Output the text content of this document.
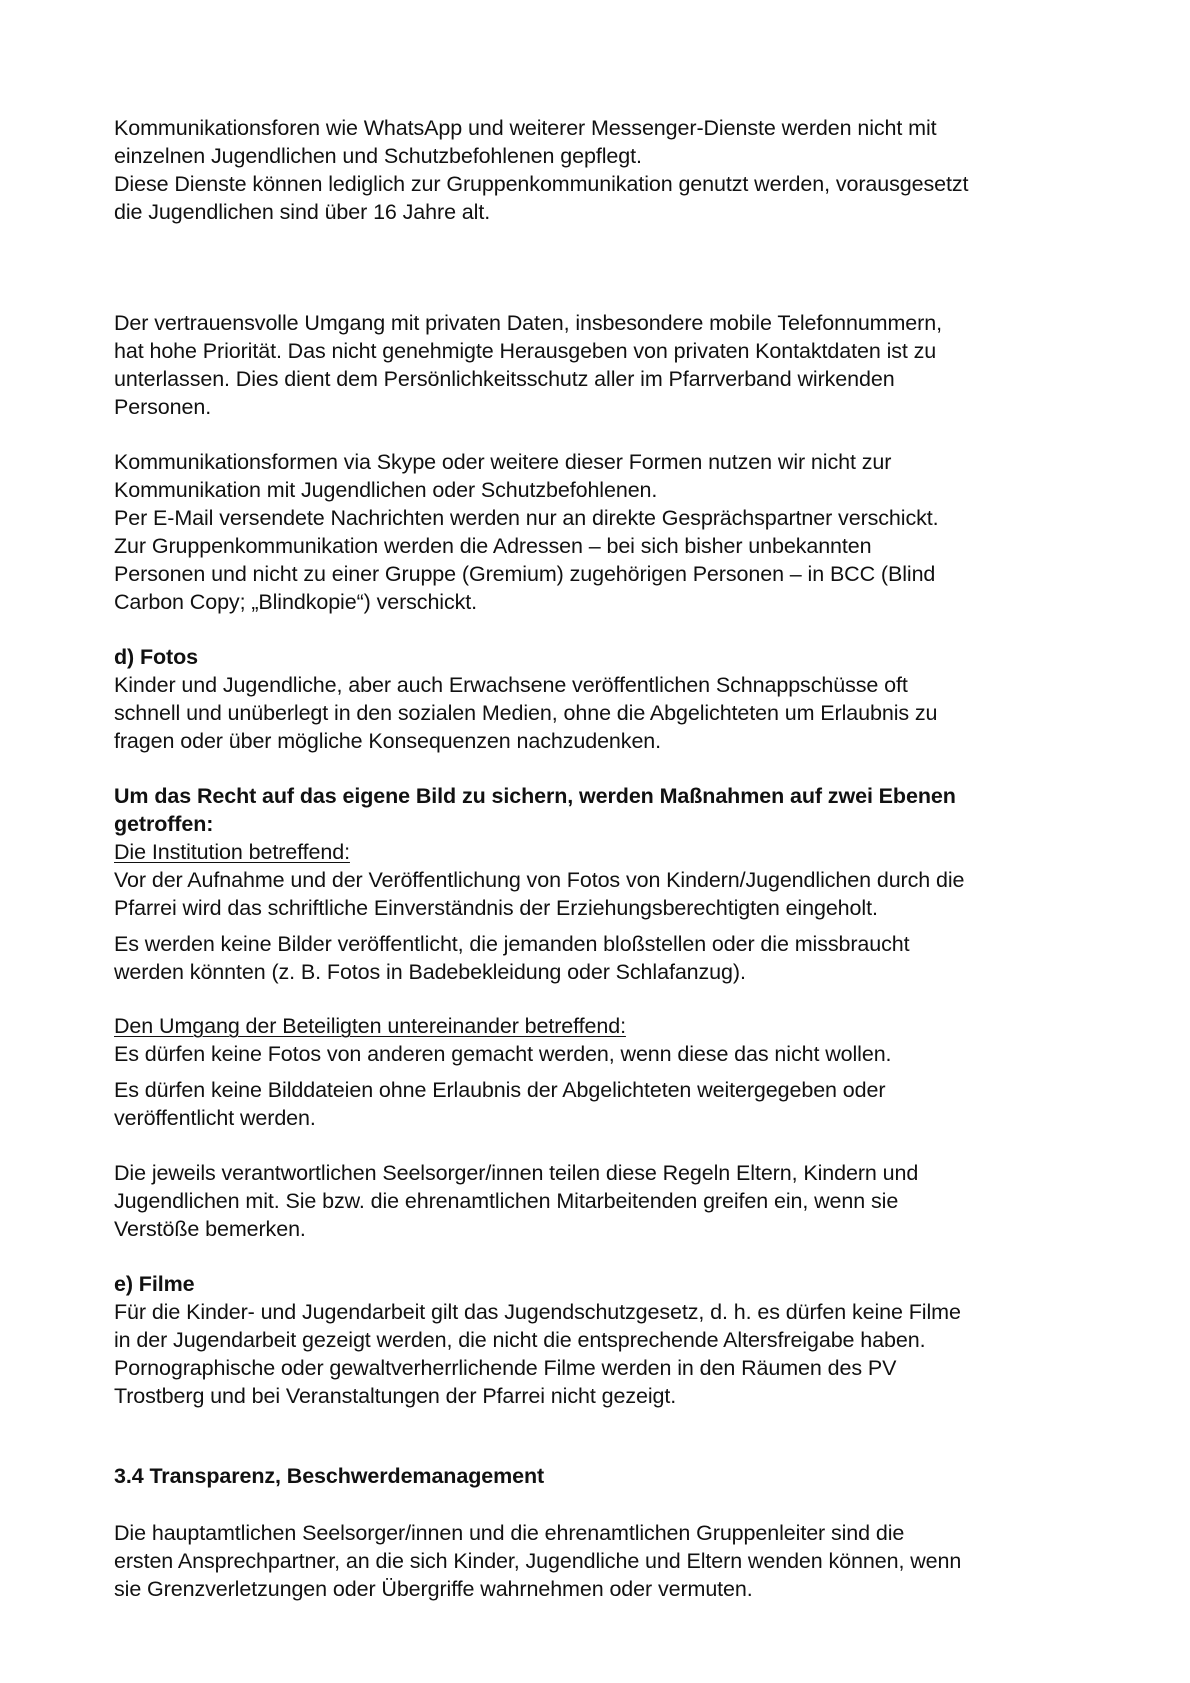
Kommunikationsforen wie WhatsApp und weiterer Messenger-Dienste werden nicht mit
einzelnen Jugendlichen und Schutzbefohlenen gepflegt.
Diese Dienste können lediglich zur Gruppenkommunikation genutzt werden, vorausgesetzt
die Jugendlichen sind über 16 Jahre alt.
Der vertrauensvolle Umgang mit privaten Daten, insbesondere mobile Telefonnummern,
hat hohe Priorität. Das nicht genehmigte Herausgeben von privaten Kontaktdaten ist zu
unterlassen. Dies dient dem Persönlichkeitsschutz aller im Pfarrverband wirkenden
Personen.
Kommunikationsformen via Skype oder weitere dieser Formen nutzen wir nicht zur
Kommunikation mit Jugendlichen oder Schutzbefohlenen.
Per E-Mail versendete Nachrichten werden nur an direkte Gesprächspartner verschickt.
Zur Gruppenkommunikation werden die Adressen – bei sich bisher unbekannten
Personen und nicht zu einer Gruppe (Gremium) zugehörigen Personen – in BCC (Blind
Carbon Copy; „Blindkopie“) verschickt.
d) Fotos
Kinder und Jugendliche, aber auch Erwachsene veröffentlichen Schnappschüsse oft
schnell und unüberlegt in den sozialen Medien, ohne die Abgelichteten um Erlaubnis zu
fragen oder über mögliche Konsequenzen nachzudenken.
Um das Recht auf das eigene Bild zu sichern, werden Maßnahmen auf zwei Ebenen
getroffen:
Die Institution betreffend:
Vor der Aufnahme und der Veröffentlichung von Fotos von Kindern/Jugendlichen durch die
Pfarrei wird das schriftliche Einverständnis der Erziehungsberechtigten eingeholt.
Es werden keine Bilder veröffentlicht, die jemanden bloßstellen oder die missbraucht
werden könnten (z. B. Fotos in Badebekleidung oder Schlafanzug).
Den Umgang der Beteiligten untereinander betreffend:
Es dürfen keine Fotos von anderen gemacht werden, wenn diese das nicht wollen.
Es dürfen keine Bilddateien ohne Erlaubnis der Abgelichteten weitergegeben oder
veröffentlicht werden.
Die jeweils verantwortlichen Seelsorger/innen teilen diese Regeln Eltern, Kindern und
Jugendlichen mit. Sie bzw. die ehrenamtlichen Mitarbeitenden greifen ein, wenn sie
Verstöße bemerken.
e) Filme
Für die Kinder- und Jugendarbeit gilt das Jugendschutzgesetz, d. h. es dürfen keine Filme
in der Jugendarbeit gezeigt werden, die nicht die entsprechende Altersfreigabe haben.
Pornographische oder gewaltverherrlichende Filme werden in den Räumen des PV
Trostberg und bei Veranstaltungen der Pfarrei nicht gezeigt.
3.4 Transparenz, Beschwerdemanagement
Die hauptamtlichen Seelsorger/innen und die ehrenamtlichen Gruppenleiter sind die
ersten Ansprechpartner, an die sich Kinder, Jugendliche und Eltern wenden können, wenn
sie Grenzverletzungen oder Übergriffe wahrnehmen oder vermuten.
